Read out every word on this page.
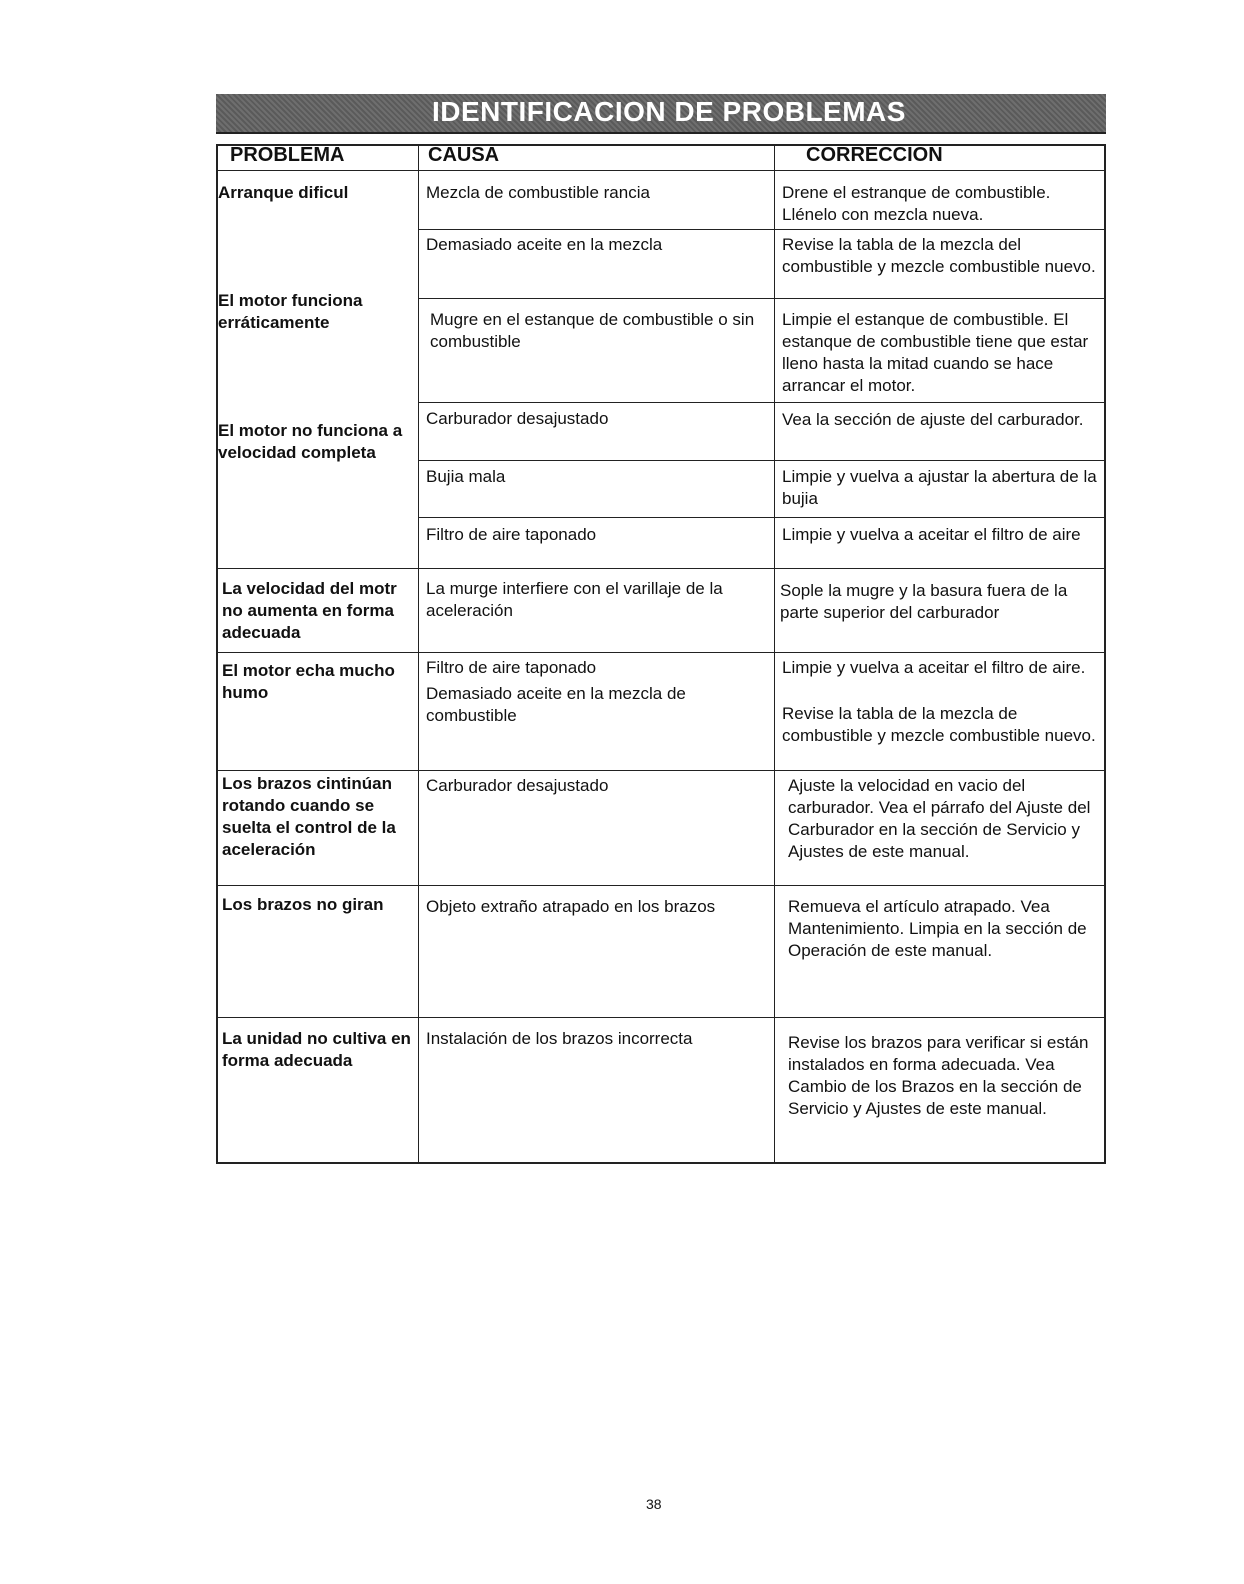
IDENTIFICACION DE PROBLEMAS
PROBLEMA	CAUSA	CORRECCION
Arranque dificul
El motor funciona erráticamente
El motor no funciona a velocidad completa
La velocidad del motr no aumenta en forma adecuada
El motor echa mucho humo
Los brazos cintinúan rotando cuando se suelta el control de la aceleración
Los brazos no giran
La unidad no cultiva en forma adecuada
Mezcla de combustible rancia
Demasiado aceite en la mezcla
Mugre en el estanque de combustible o sin combustible
Carburador desajustado
Bujia mala
Filtro de aire taponado
La murge interfiere con el varillaje de la aceleración
Filtro de aire taponado
Demasiado aceite en la mezcla de combustible
Carburador desajustado
Objeto extraño atrapado en los brazos
Instalación de los brazos incorrecta
Drene el estranque de combustible. Llénelo con mezcla nueva.
Revise la tabla de la mezcla del combustible y mezcle combustible nuevo.
Limpie el estanque de combustible. El estanque de combustible tiene que estar lleno hasta la mitad cuando se hace arrancar el motor.
Vea la sección de ajuste del carburador.
Limpie y vuelva a ajustar la abertura de la bujia
Limpie y vuelva a aceitar el filtro de aire
Sople la mugre y la basura fuera de la parte superior del carburador
Limpie y vuelva a aceitar el filtro de aire.
Revise la tabla de la mezcla de combustible y mezcle combustible nuevo.
Ajuste la velocidad en vacio del carburador. Vea el párrafo del Ajuste del Carburador en la sección de Servicio y Ajustes de este manual.
Remueva el artículo atrapado. Vea Mantenimiento. Limpia en la sección de Operación de este manual.
Revise los brazos para verificar si están instalados en forma adecuada. Vea Cambio de los Brazos en la sección de Servicio y Ajustes de este manual.
38
